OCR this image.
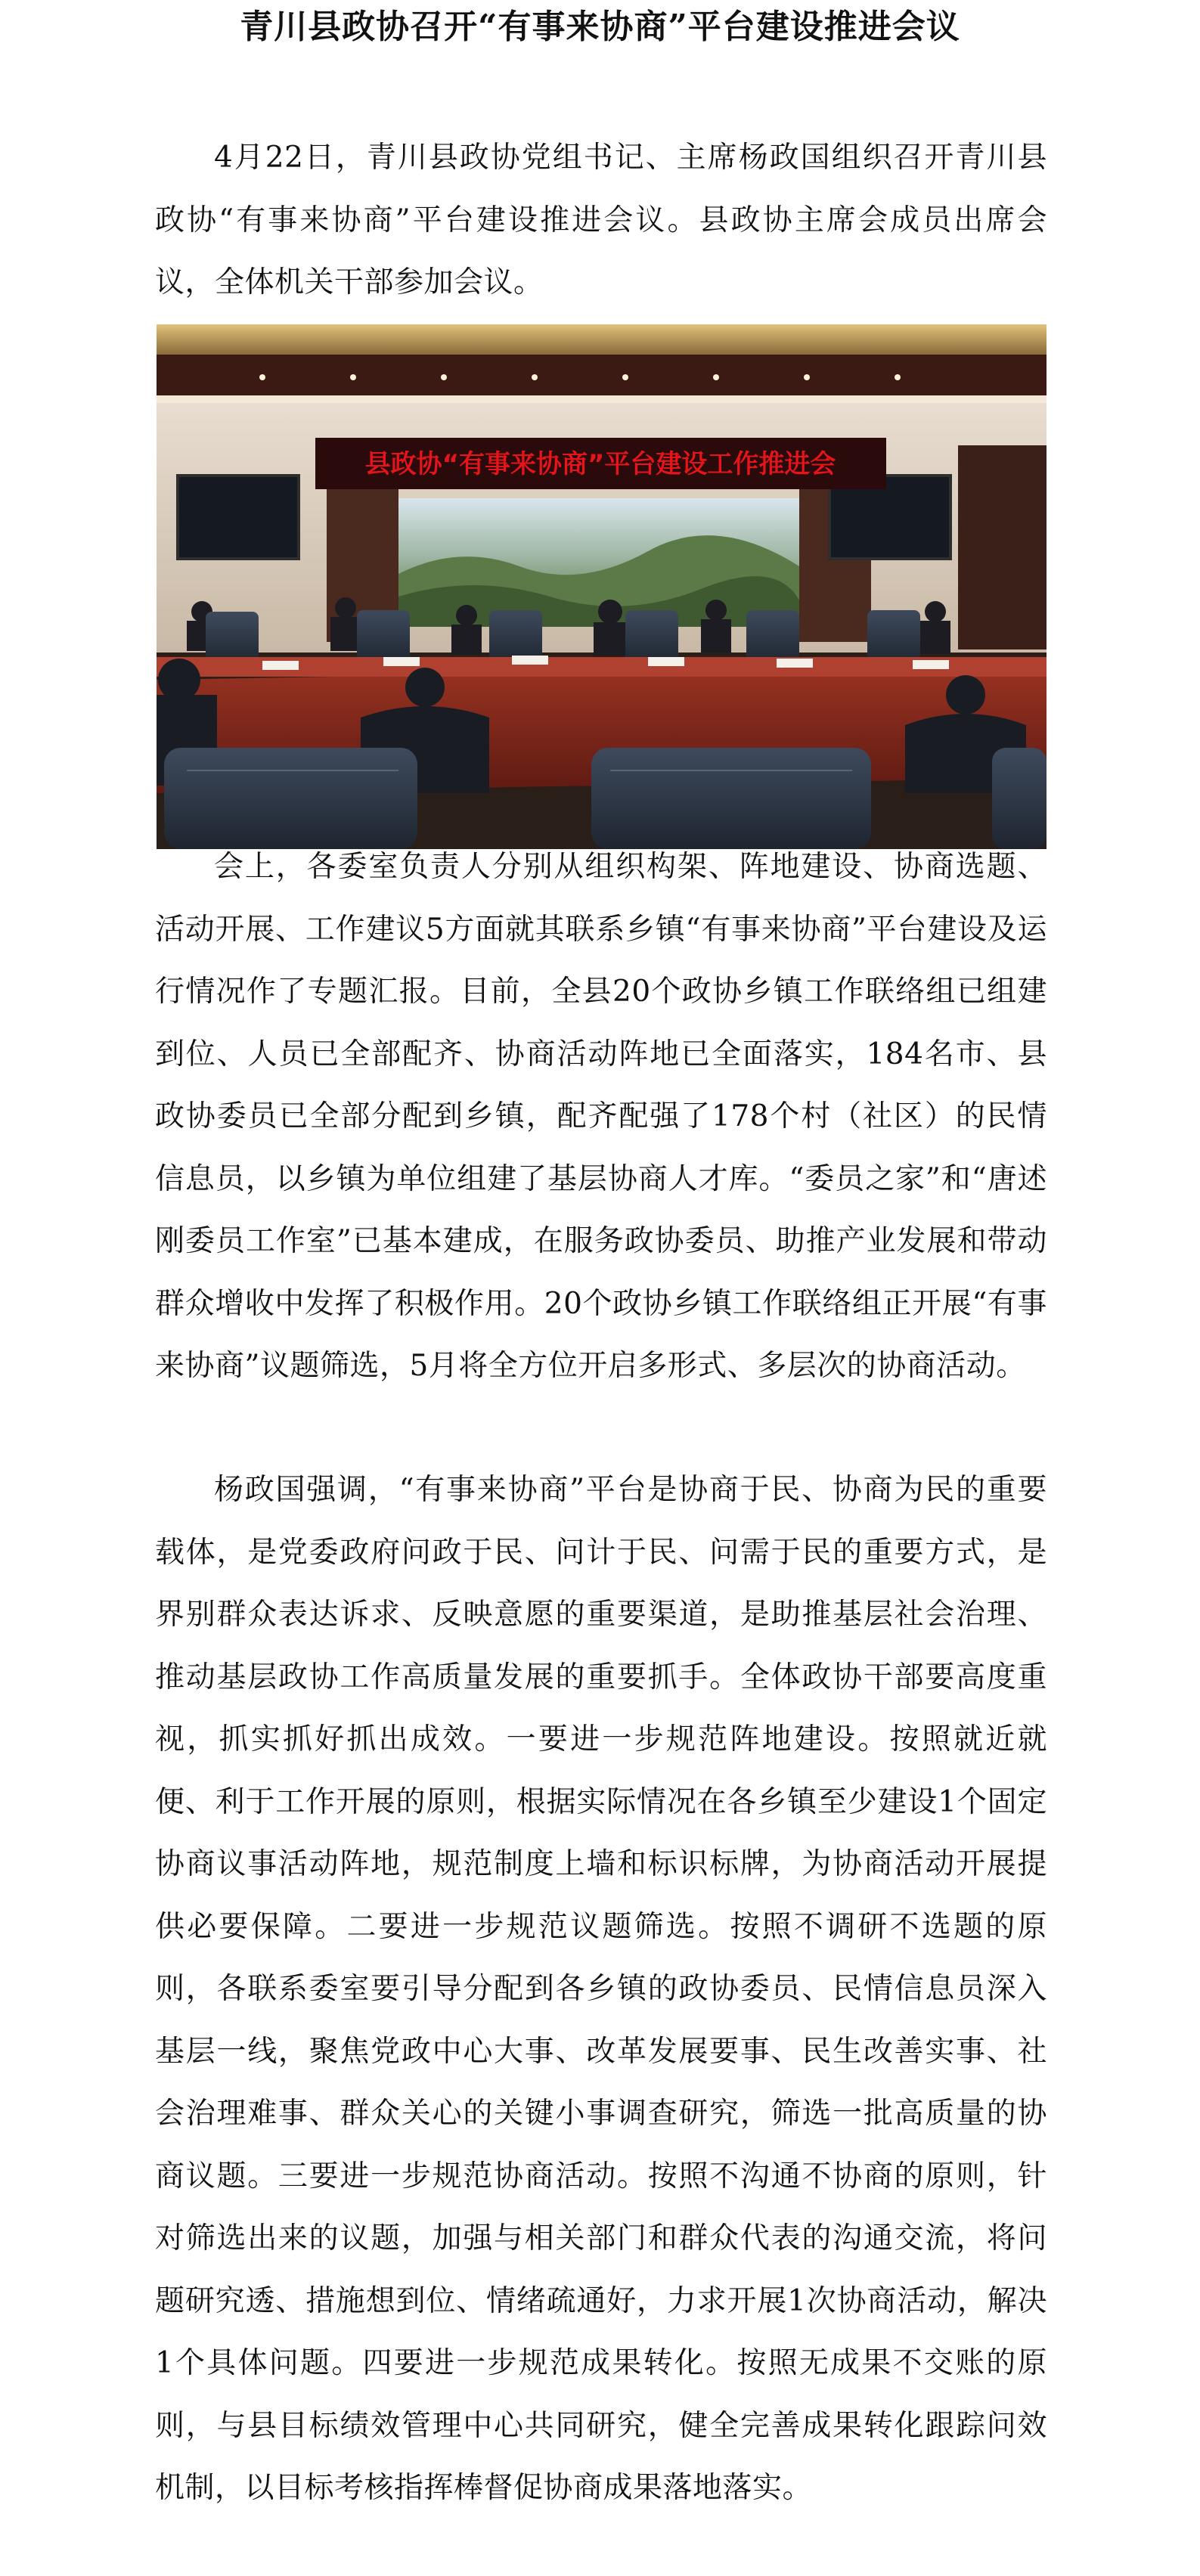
青川县政协召开“有事来协商”平台建设推进会议

4月22日，青川县政协党组书记、主席杨政国组织召开青川县政协“有事来协商”平台建设推进会议。县政协主席会成员出席会议，全体机关干部参加会议。

县政协“有事来协商”平台建设工作推进会

会上，各委室负责人分别从组织构架、阵地建设、协商选题、活动开展、工作建议5方面就其联系乡镇“有事来协商”平台建设及运行情况作了专题汇报。目前，全县20个政协乡镇工作联络组已组建到位、人员已全部配齐、协商活动阵地已全面落实，184名市、县政协委员已全部分配到乡镇，配齐配强了178个村（社区）的民情信息员，以乡镇为单位组建了基层协商人才库。“委员之家”和“唐述刚委员工作室”已基本建成，在服务政协委员、助推产业发展和带动群众增收中发挥了积极作用。20个政协乡镇工作联络组正开展“有事来协商”议题筛选，5月将全方位开启多形式、多层次的协商活动。

杨政国强调，“有事来协商”平台是协商于民、协商为民的重要载体，是党委政府问政于民、问计于民、问需于民的重要方式，是界别群众表达诉求、反映意愿的重要渠道，是助推基层社会治理、推动基层政协工作高质量发展的重要抓手。全体政协干部要高度重视，抓实抓好抓出成效。一要进一步规范阵地建设。按照就近就便、利于工作开展的原则，根据实际情况在各乡镇至少建设1个固定协商议事活动阵地，规范制度上墙和标识标牌，为协商活动开展提供必要保障。二要进一步规范议题筛选。按照不调研不选题的原则，各联系委室要引导分配到各乡镇的政协委员、民情信息员深入基层一线，聚焦党政中心大事、改革发展要事、民生改善实事、社会治理难事、群众关心的关键小事调查研究，筛选一批高质量的协商议题。三要进一步规范协商活动。按照不沟通不协商的原则，针对筛选出来的议题，加强与相关部门和群众代表的沟通交流，将问题研究透、措施想到位、情绪疏通好，力求开展1次协商活动，解决1个具体问题。四要进一步规范成果转化。按照无成果不交账的原则，与县目标绩效管理中心共同研究，健全完善成果转化跟踪问效机制，以目标考核指挥棒督促协商成果落地落实。
